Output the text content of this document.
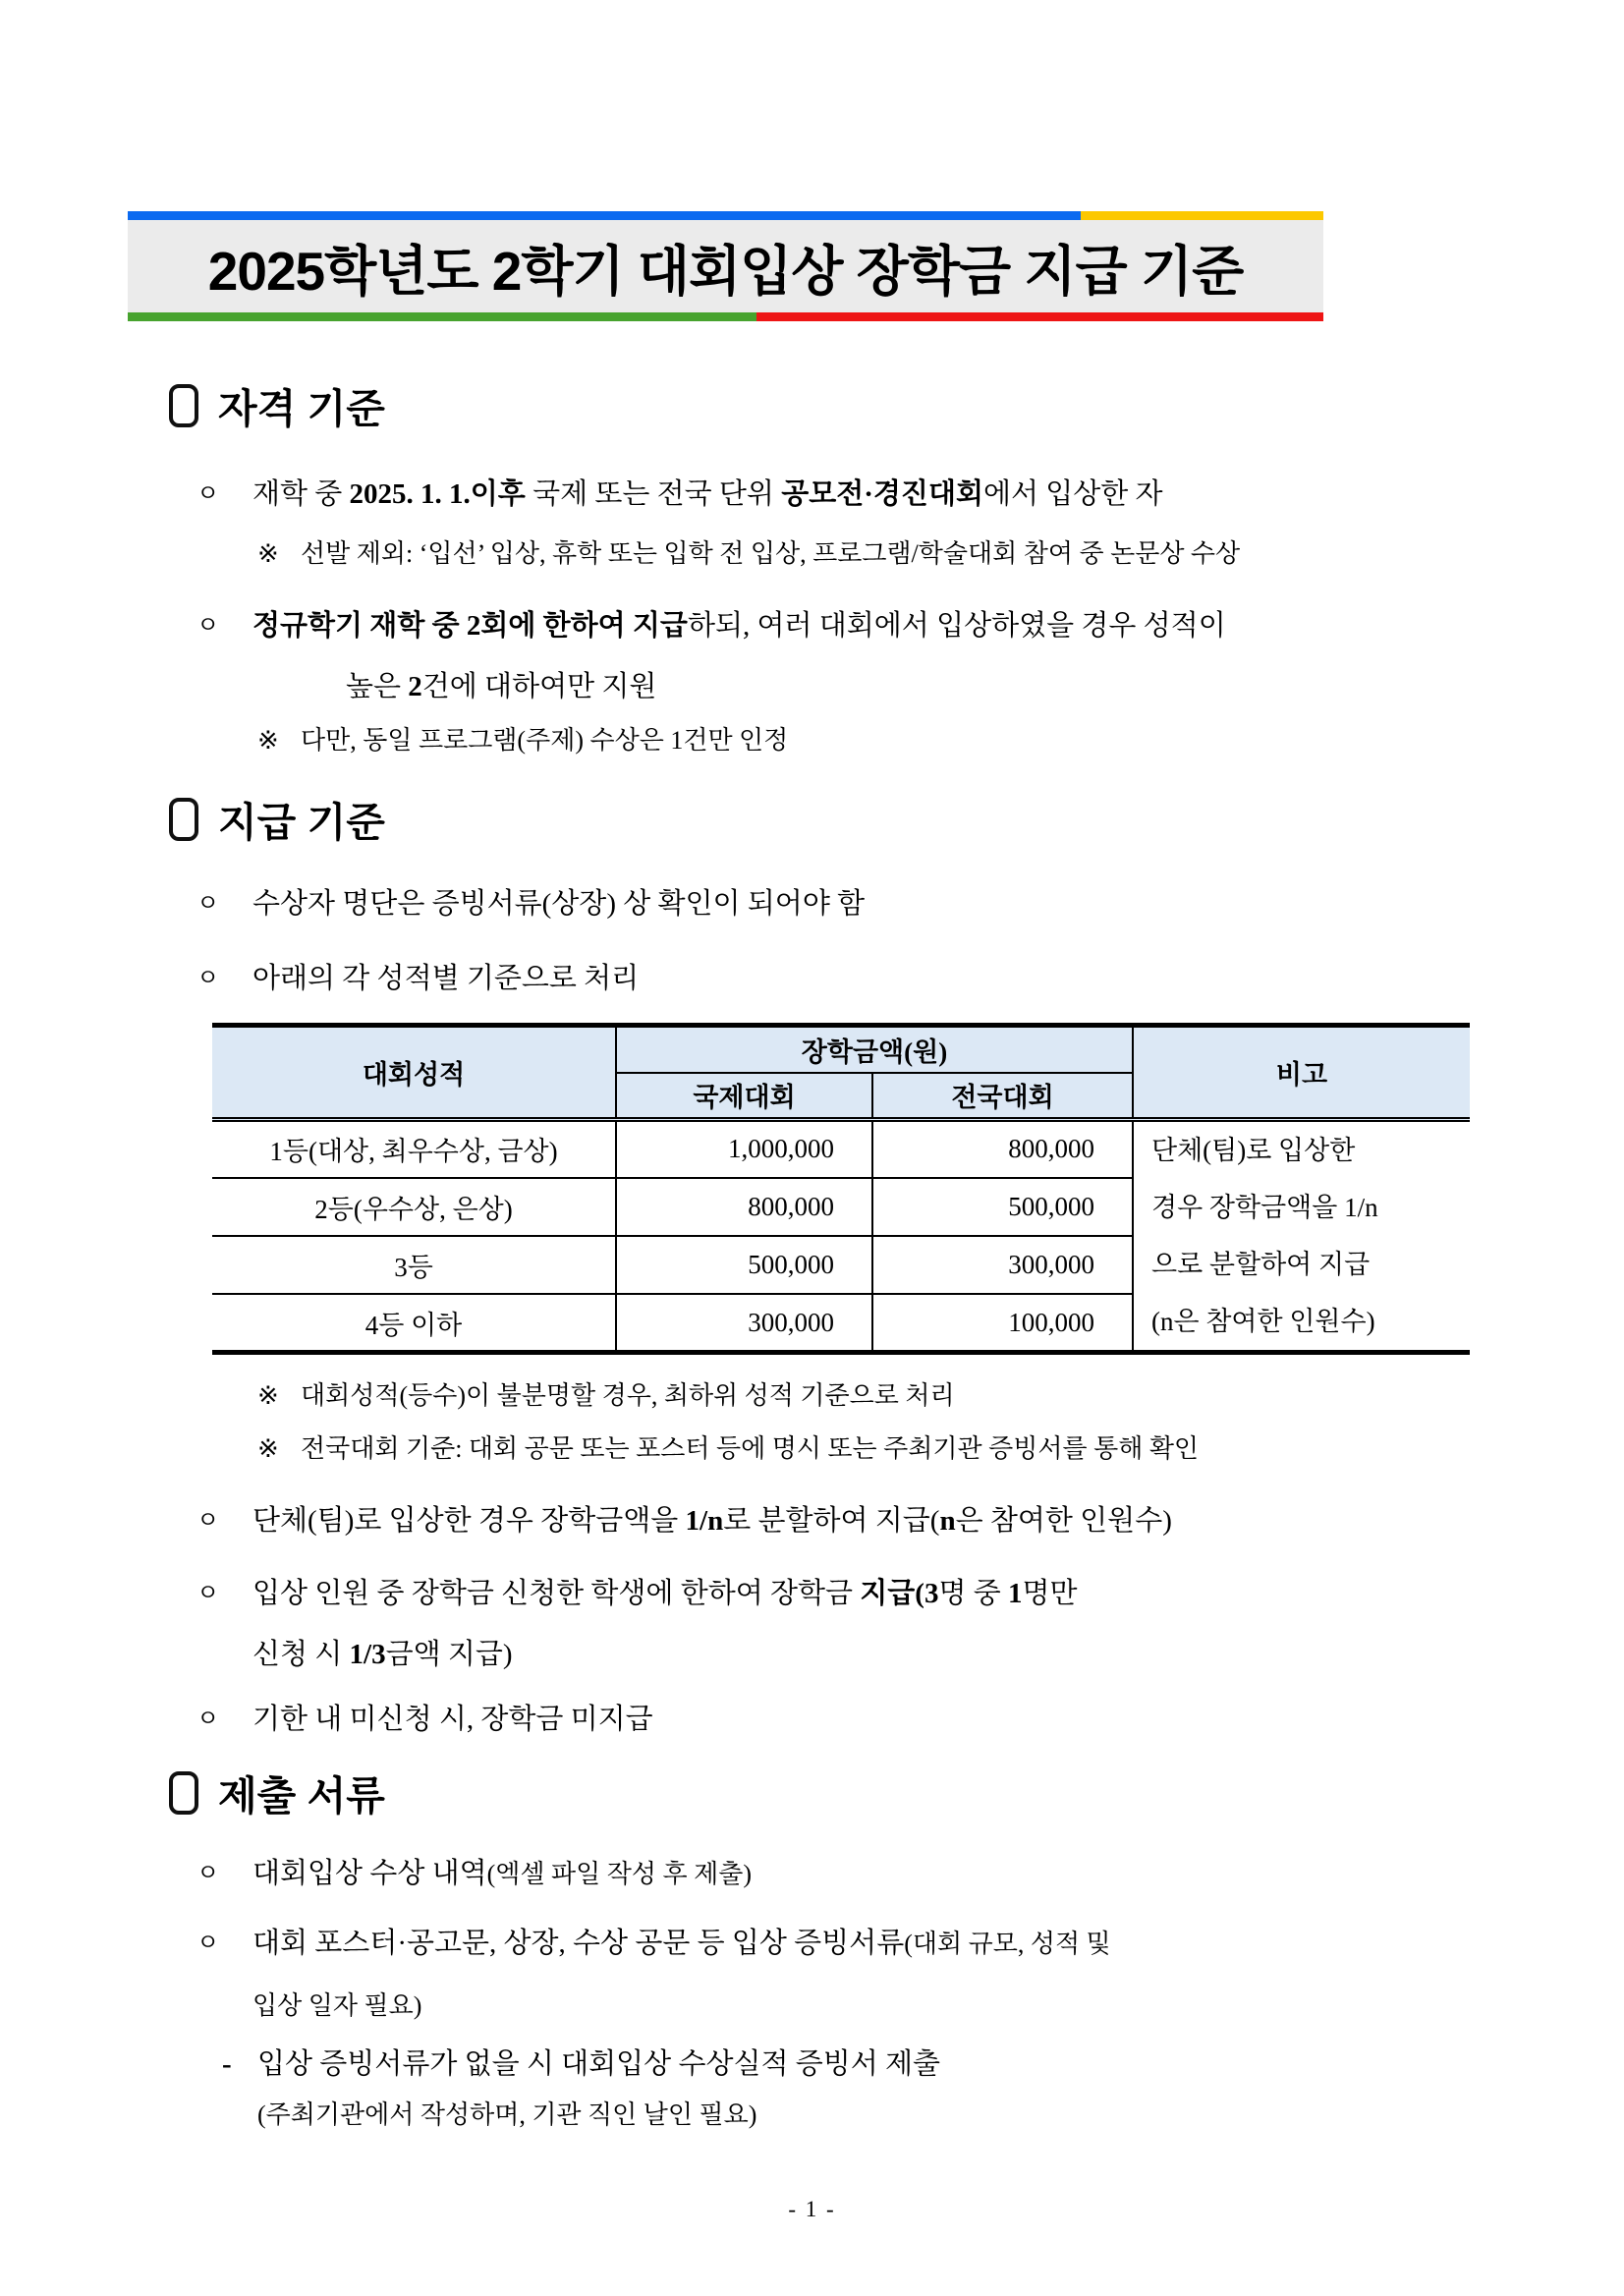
2025학년도 2학기 대회입상 장학금 지급 기준
자격 기준
ㅇ	재학 중 2025. 1. 1.이후 국제 또는 전국 단위 공모전·경진대회에서 입상한 자
※ 선발 제외: ‘입선’ 입상, 휴학 또는 입학 전 입상, 프로그램/학술대회 참여 중 논문상 수상
ㅇ	정규학기 재학 중 2회에 한하여 지급하되, 여러 대회에서 입상하였을 경우 성적이
높은 2건에 대하여만 지원
※ 다만, 동일 프로그램(주제) 수상은 1건만 인정
지급 기준
ㅇ	수상자 명단은 증빙서류(상장) 상 확인이 되어야 함
ㅇ	아래의 각 성적별 기준으로 처리
대회성적	장학금액(원)		비고
	국제대회	전국대회	
1등(대상, 최우수상, 금상)	1,000,000	800,000	단체(팀)로 입상한
경우 장학금액을 1/n
으로 분할하여 지급
(n은 참여한 인원수)

2등(우수상, 은상)	800,000	500,000	
3등	500,000	300,000	
4등 이하	300,000	100,000	
※ 대회성적(등수)이 불분명할 경우, 최하위 성적 기준으로 처리
※ 전국대회 기준: 대회 공문 또는 포스터 등에 명시 또는 주최기관 증빙서를 통해 확인
ㅇ	단체(팀)로 입상한 경우 장학금액을 1/n로 분할하여 지급(n은 참여한 인원수)
ㅇ	입상 인원 중 장학금 신청한 학생에 한하여 장학금 지급(3명 중 1명만
신청 시 1/3금액 지급)
ㅇ	기한 내 미신청 시, 장학금 미지급
제출 서류
ㅇ	대회입상 수상 내역(엑셀 파일 작성 후 제출)
ㅇ	대회 포스터·공고문, 상장, 수상 공문 등 입상 증빙서류(대회 규모, 성적 및
입상 일자 필요)
- 입상 증빙서류가 없을 시 대회입상 수상실적 증빙서 제출
(주최기관에서 작성하며, 기관 직인 날인 필요)
- 1 -
